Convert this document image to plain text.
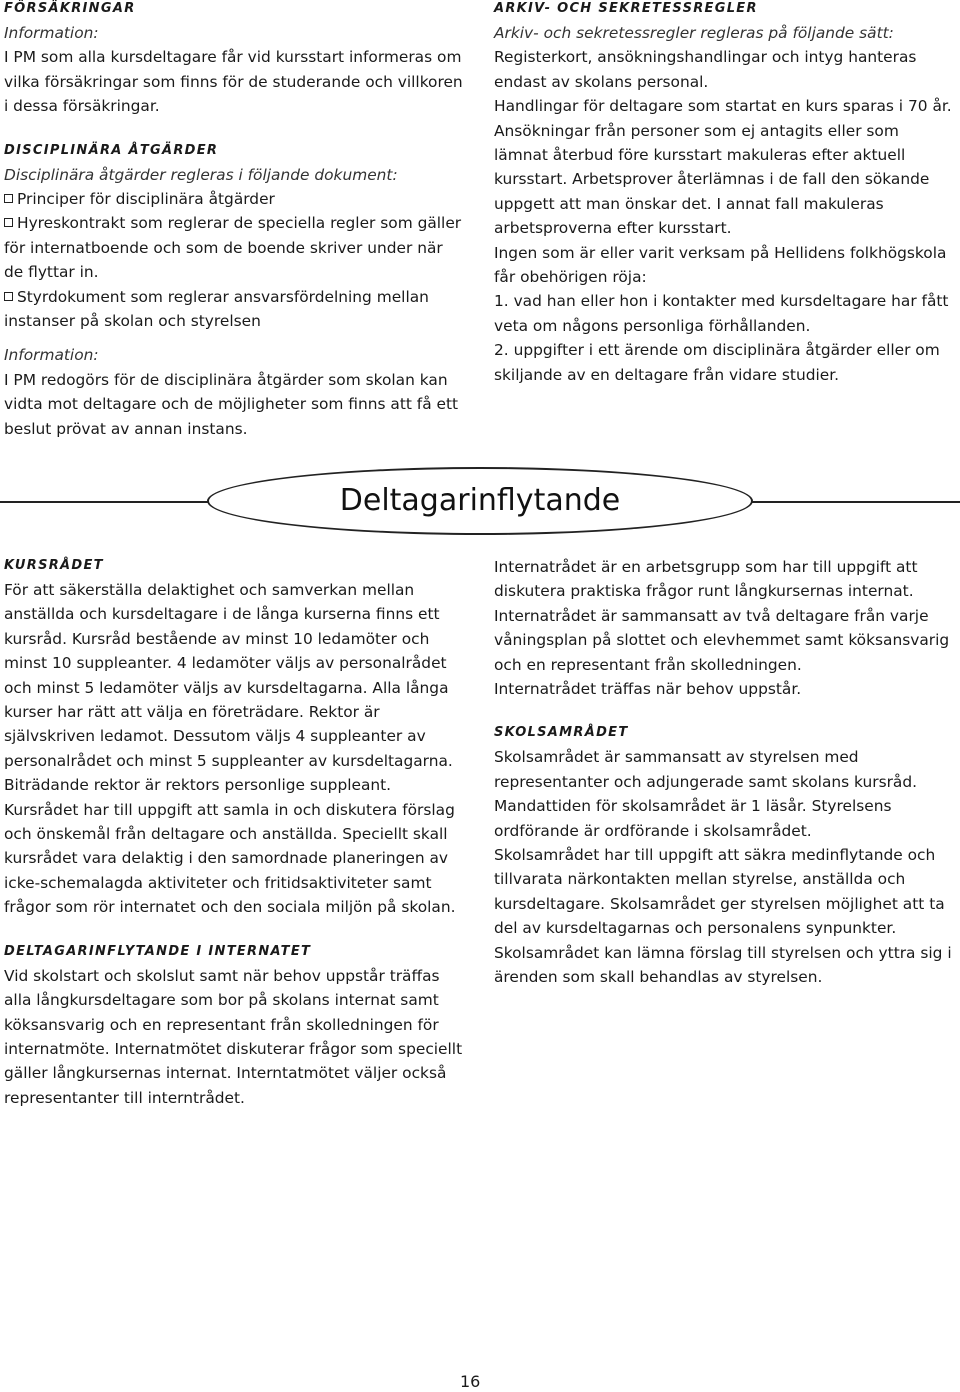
FÖRSÄKRINGAR
Information:

I PM som alla kursdeltagare får vid kursstart informeras om vilka försäkringar som finns för de studerande och villkoren i dessa försäkringar.

DISCIPLINÄRA ÅTGÄRDER
Disciplinära åtgärder regleras i följande dokument:
Principer för disciplinära åtgärder
Hyreskontrakt som reglerar de speciella regler som gäller för internatboende och som de boende skriver under när de flyttar in.
Styrdokument som reglerar ansvarsfördelning mellan instanser på skolan och styrelsen
Information:

I PM redogörs för de disciplinära åtgärder som skolan kan vidta mot deltagare och de möjligheter som finns att få ett beslut prövat av annan instans.

ARKIV- OCH SEKRETESSREGLER
Arkiv- och sekretessregler regleras på följande sätt:

Registerkort, ansökningshandlingar och intyg hanteras endast av skolans personal.

Handlingar för deltagare som startat en kurs sparas i 70 år. Ansökningar från personer som ej antagits eller som lämnat återbud före kursstart makuleras efter aktuell kursstart. Arbetsprover återlämnas i de fall den sökande uppgett att man önskar det. I annat fall makuleras arbetsproverna efter kursstart.

Ingen som är eller varit verksam på Hellidens folkhögskola får obehörigen röja:

1. vad han eller hon i kontakter med kursdeltagare har fått veta om någons personliga förhållanden.

2. uppgifter i ett ärende om disciplinära åtgärder eller om skiljande av en deltagare från vidare studier.

Deltagarinflytande
KURSRÅDET

För att säkerställa delaktighet och samverkan mellan anställda och kursdeltagare i de långa kurserna finns ett kursråd. Kursråd bestående av minst 10 ledamöter och minst 10 suppleanter. 4 ledamöter väljs av personalrådet och minst 5 ledamöter väljs av kursdeltagarna. Alla långa kurser har rätt att välja en företrädare. Rektor är självskriven ledamot. Dessutom väljs 4 suppleanter av personalrådet och minst 5 suppleanter av kursdeltagarna. Biträdande rektor är rektors personlige suppleant. Kursrådet har till uppgift att samla in och diskutera förslag och önskemål från deltagare och anställda. Speciellt skall kursrådet vara delaktig i den samordnade planeringen av icke-schemalagda aktiviteter och fritidsaktiviteter samt frågor som rör internatet och den sociala miljön på skolan.

DELTAGARINFLYTANDE I INTERNATET

Vid skolstart och skolslut samt när behov uppstår träffas alla långkursdeltagare som bor på skolans internat samt köksansvarig och en representant från skolledningen för internatmöte. Internatmötet diskuterar frågor som speciellt gäller långkursernas internat. Interntatmötet väljer också representanter till interntrådet.

Internatrådet är en arbetsgrupp som har till uppgift att diskutera praktiska frågor runt långkursernas internat.

Internatrådet är sammansatt av två deltagare från varje våningsplan på slottet och elevhemmet samt köksansvarig och en representant från skolledningen.

Internatrådet träffas när behov uppstår.

SKOLSAMRÅDET

Skolsamrådet är sammansatt av styrelsen med representanter och adjungerade samt skolans kursråd. Mandattiden för skolsamrådet är 1 läsår. Styrelsens ordförande är ordförande i skolsamrådet.

Skolsamrådet har till uppgift att säkra medinflytande och tillvarata närkontakten mellan styrelse, anställda och kursdeltagare. Skolsamrådet ger styrelsen möjlighet att ta del av kursdeltagarnas och personalens synpunkter. Skolsamrådet kan lämna förslag till styrelsen och yttra sig i ärenden som skall behandlas av styrelsen.

16
